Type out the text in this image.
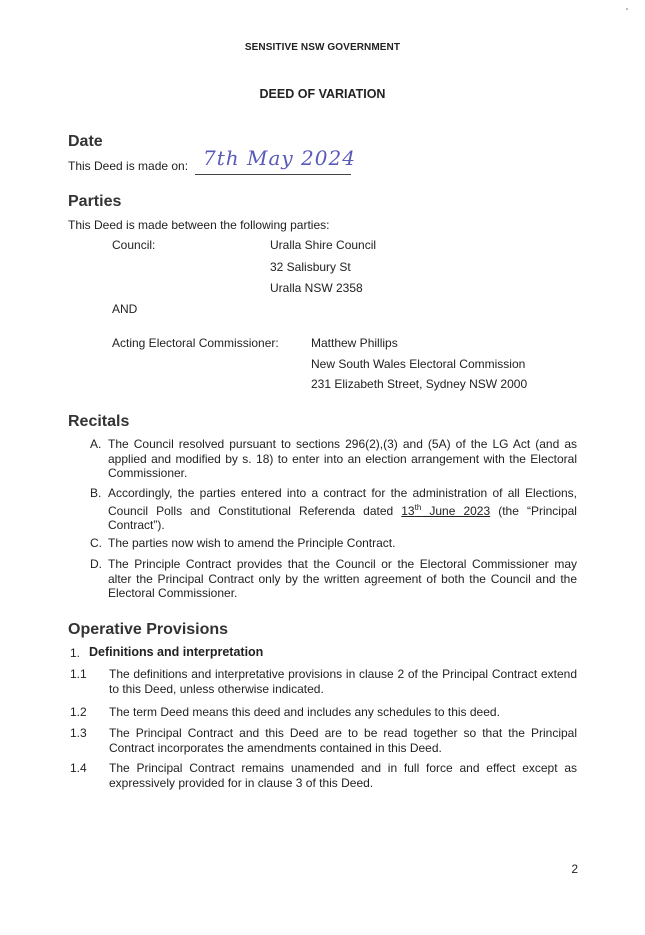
SENSITIVE NSW GOVERNMENT
DEED OF VARIATION
Date
This Deed is made on: 7th May 2024
Parties
This Deed is made between the following parties:
Council:	Uralla Shire Council
32 Salisbury St
Uralla NSW 2358
AND
Acting Electoral Commissioner:	Matthew Phillips
New South Wales Electoral Commission
231 Elizabeth Street, Sydney NSW 2000
Recitals
A. The Council resolved pursuant to sections 296(2),(3) and (5A) of the LG Act (and as applied and modified by s. 18) to enter into an election arrangement with the Electoral Commissioner.
B. Accordingly, the parties entered into a contract for the administration of all Elections, Council Polls and Constitutional Referenda dated 13th June 2023 (the “Principal Contract”).
C. The parties now wish to amend the Principle Contract.
D. The Principle Contract provides that the Council or the Electoral Commissioner may alter the Principal Contract only by the written agreement of both the Council and the Electoral Commissioner.
Operative Provisions
1. Definitions and interpretation
1.1 The definitions and interpretative provisions in clause 2 of the Principal Contract extend to this Deed, unless otherwise indicated.
1.2 The term Deed means this deed and includes any schedules to this deed.
1.3 The Principal Contract and this Deed are to be read together so that the Principal Contract incorporates the amendments contained in this Deed.
1.4 The Principal Contract remains unamended and in full force and effect except as expressively provided for in clause 3 of this Deed.
2
